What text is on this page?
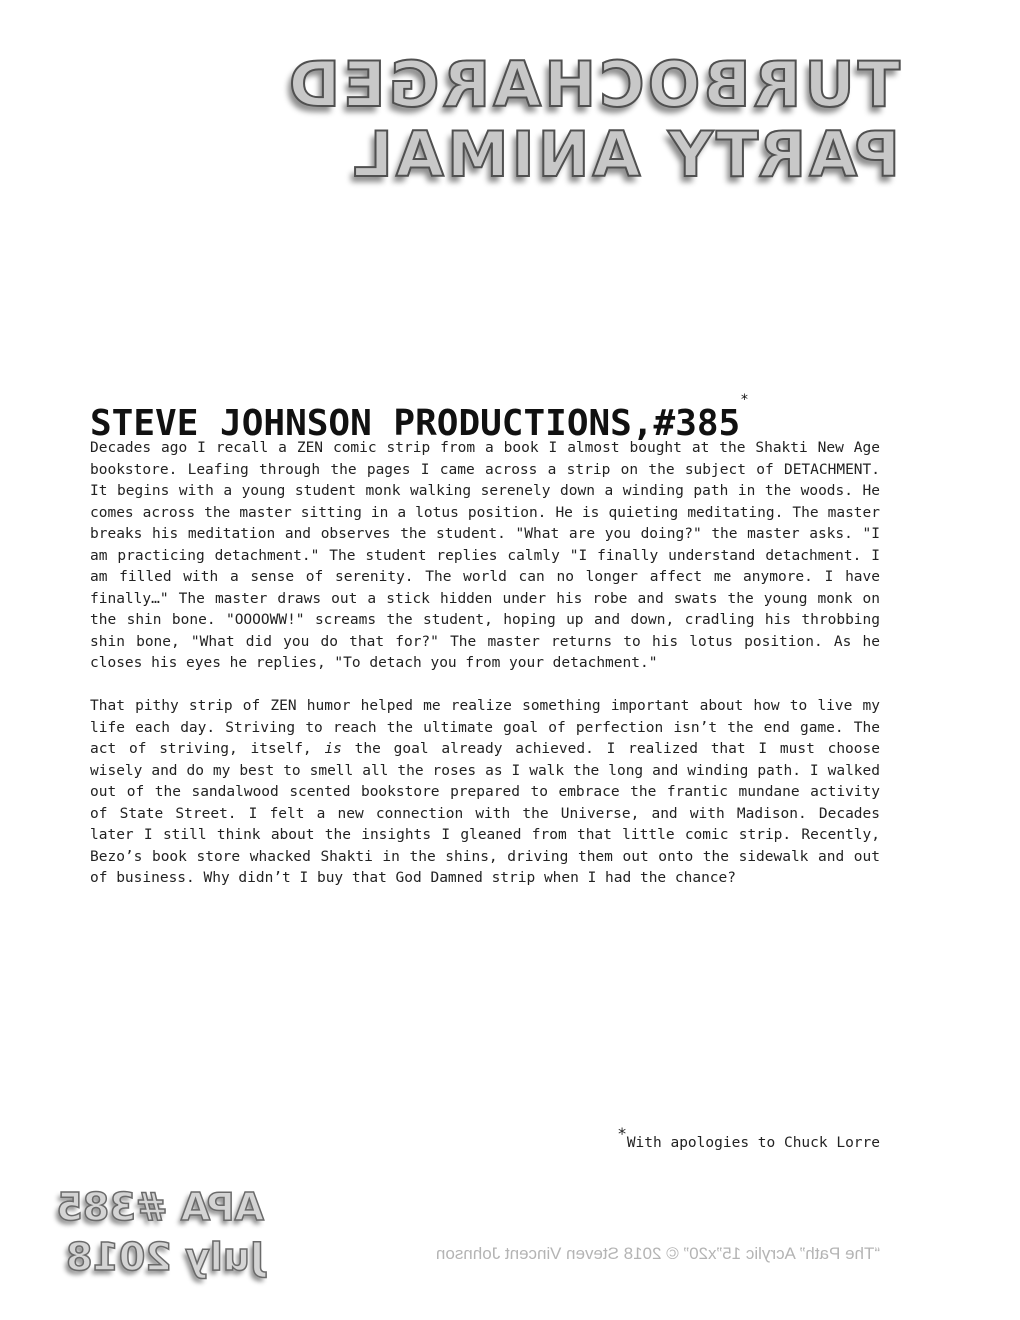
TURBOCHARGED
PARTY ANIMAL
STEVE JOHNSON PRODUCTIONS,#385*

Decades ago I recall a ZEN comic strip from a book I almost bought at the Shakti New Age bookstore. Leafing through the pages I came across a strip on the subject of DETACHMENT. It begins with a young student monk walking serenely down a winding path in the woods. He comes across the master sitting in a lotus position. He is quieting meditating. The master breaks his meditation and observes the student. "What are you doing?" the master asks. "I am practicing detachment." The student replies calmly "I finally understand detachment. I am filled with a sense of serenity. The world can no longer affect me anymore. I have finally…" The master draws out a stick hidden under his robe and swats the young monk on the shin bone. "OOOOWW!" screams the student, hoping up and down, cradling his throbbing shin bone, "What did you do that for?" The master returns to his lotus position. As he closes his eyes he replies, "To detach you from your detachment."

That pithy strip of ZEN humor helped me realize something important about how to live my life each day. Striving to reach the ultimate goal of perfection isn’t the end game. The act of striving, itself, is the goal already achieved. I realized that I must choose wisely and do my best to smell all the roses as I walk the long and winding path. I walked out of the sandalwood scented bookstore prepared to embrace the frantic mundane activity of State Street. I felt a new connection with the Universe, and with Madison. Decades later I still think about the insights I gleaned from that little comic strip. Recently, Bezo’s book store whacked Shakti in the shins, driving them out onto the sidewalk and out of business. Why didn’t I buy that God Damned strip when I had the chance?

*With apologies to Chuck Lorre
APA #385
July 2018	“The Path” Acrylic 15”x20” © 2018 Steven Vincent Johnson
